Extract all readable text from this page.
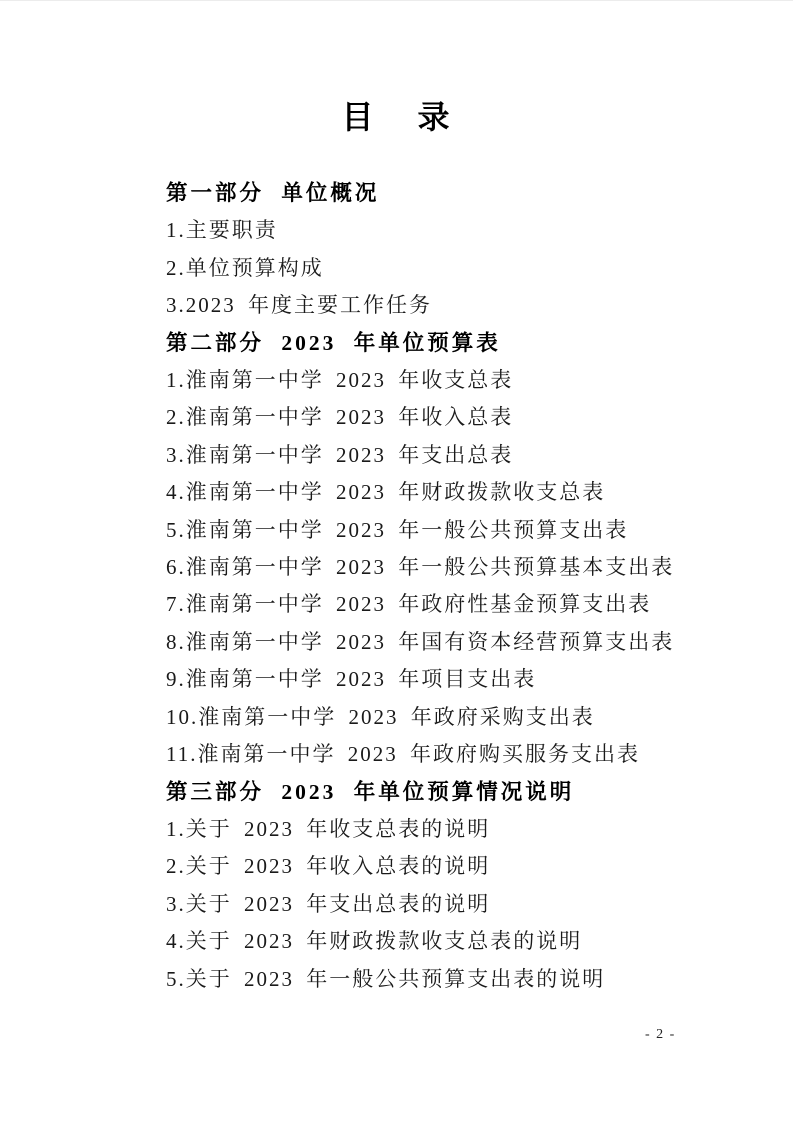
目 录
第一部分 单位概况
1.主要职责
2.单位预算构成
3.2023 年度主要工作任务
第二部分 2023 年单位预算表
1.淮南第一中学 2023 年收支总表
2.淮南第一中学 2023 年收入总表
3.淮南第一中学 2023 年支出总表
4.淮南第一中学 2023 年财政拨款收支总表
5.淮南第一中学 2023 年一般公共预算支出表
6.淮南第一中学 2023 年一般公共预算基本支出表
7.淮南第一中学 2023 年政府性基金预算支出表
8.淮南第一中学 2023 年国有资本经营预算支出表
9.淮南第一中学 2023 年项目支出表
10.淮南第一中学 2023 年政府采购支出表
11.淮南第一中学 2023 年政府购买服务支出表
第三部分 2023 年单位预算情况说明
1.关于 2023 年收支总表的说明
2.关于 2023 年收入总表的说明
3.关于 2023 年支出总表的说明
4.关于 2023 年财政拨款收支总表的说明
5.关于 2023 年一般公共预算支出表的说明
- 2 -
